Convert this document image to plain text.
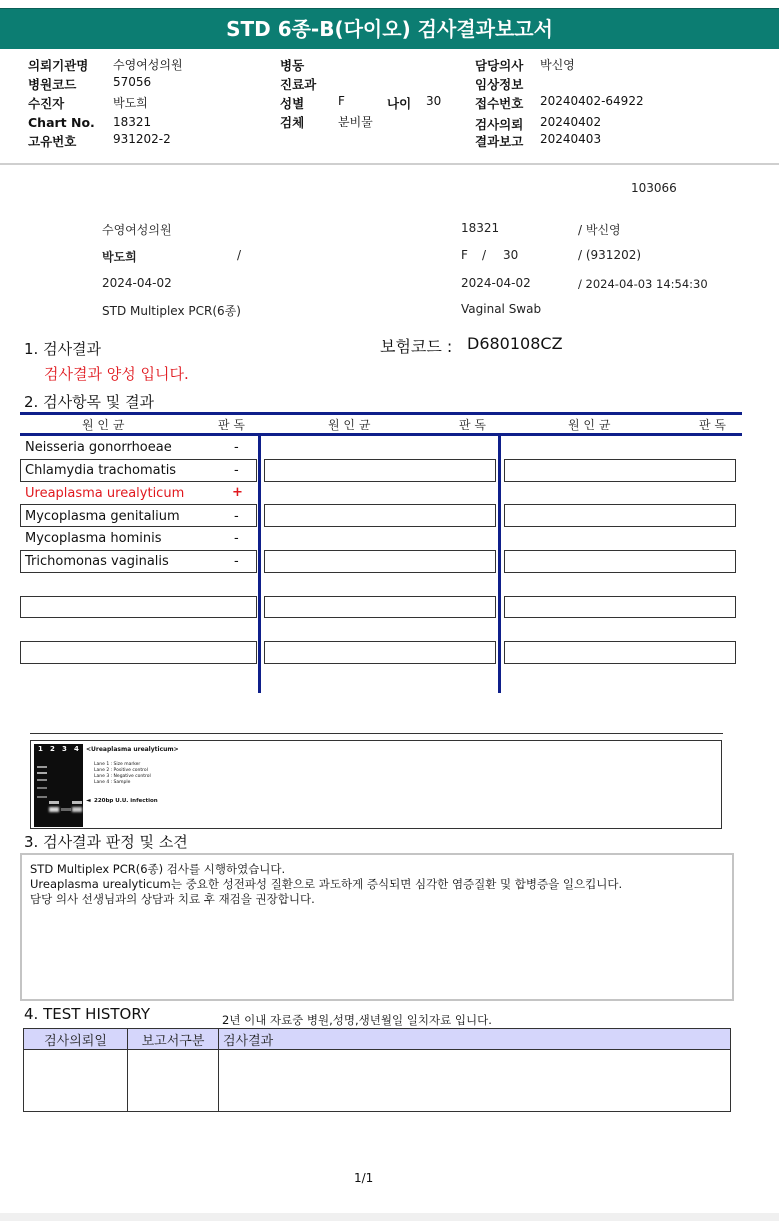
STD 6종-B(다이오) 검사결과보고서
의뢰기관명 수영여성의원
병원코드	57056
수진자	박도희
Chart No. 18321
고유번호	931202-2
병동
진료과
성별	F	나이 30
검체	분비물
담당의사 박신영
임상정보
접수번호 20240402-64922
검사의뢰 20240402
결과보고 20240403
103066
수영여성의원	18321	/ 박신영
박도희	/	F / 30	/ (931202)
2024-04-02	2024-04-02	/ 2024-04-03 14:54:30
STD Multiplex PCR(6종)	Vaginal Swab
1. 검사결과	보험코드 : D680108CZ
검사결과 양성 입니다.
2. 검사항목 및 결과
원 인 균	판 독	원 인 균	판 독	원 인 균	판 독
Neisseria gonorrhoeae	-
Chlamydia trachomatis	-
Ureaplasma urealyticum	+
Mycoplasma genitalium	-
Mycoplasma hominis	-
Trichomonas vaginalis	-
1 2 3 4 <Ureaplasma urealyticum>
Lane 1 : Size marker
Lane 2 : Positive control
Lane 3 : Negative control
Lane 4 : Sample
◄ 220bp U.U. infection
3. 검사결과 판정 및 소견
STD Multiplex PCR(6종) 검사를 시행하였습니다.
Ureaplasma urealyticum는 중요한 성전파성 질환으로 과도하게 증식되면 심각한 염증질환 및 합병증을 일으킵니다.
담당 의사 선생님과의 상담과 치료 후 재검을 권장합니다.
4. TEST HISTORY	2년 이내 자료중 병원,성명,생년월일 일치자료 입니다.
검사의뢰일	보고서구분	검사결과

1/1
